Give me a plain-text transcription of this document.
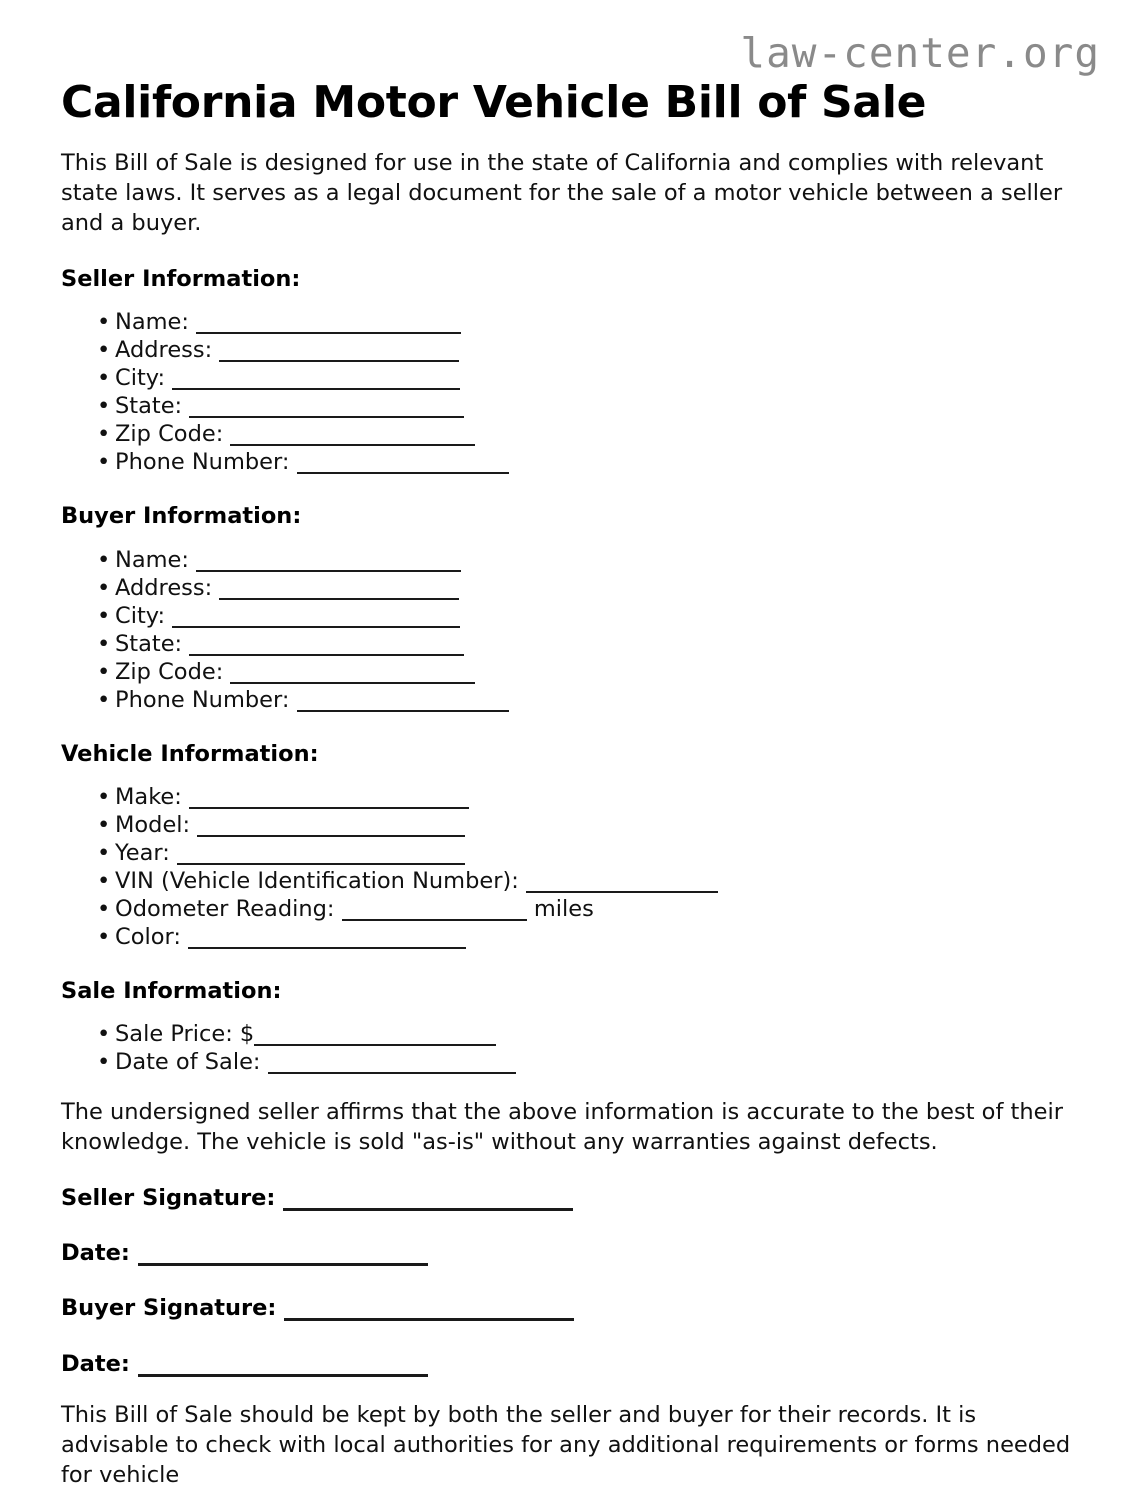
law-center.org
California Motor Vehicle Bill of Sale

This Bill of Sale is designed for use in the state of California and complies with relevant state laws. It serves as a legal document for the sale of a motor vehicle between a seller and a buyer.

Seller Information:
• Name:
• Address:
• City:
• State:
• Zip Code:
• Phone Number:
Buyer Information:
• Name:
• Address:
• City:
• State:
• Zip Code:
• Phone Number:
Vehicle Information:
• Make:
• Model:
• Year:
• VIN (Vehicle Identification Number):
• Odometer Reading:	miles
• Color:
Sale Information:
• Sale Price: $
• Date of Sale:

The undersigned seller affirms that the above information is accurate to the best of their knowledge. The vehicle is sold "as-is" without any warranties against defects.

Seller Signature:
Date:
Buyer Signature:
Date:

This Bill of Sale should be kept by both the seller and buyer for their records. It is advisable to check with local authorities for any additional requirements or forms needed for vehicle
